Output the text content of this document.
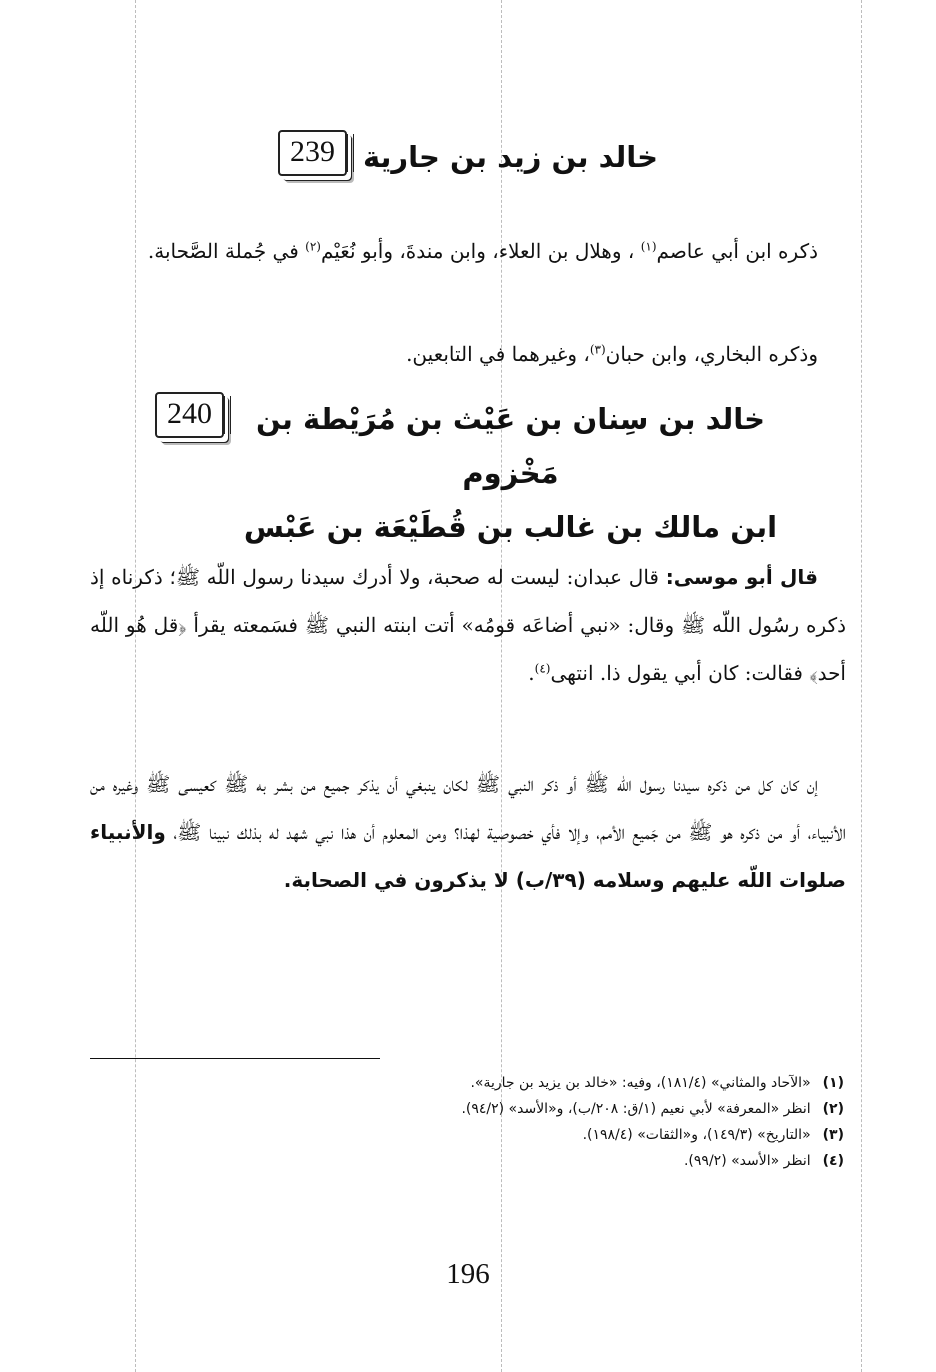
خالد بن زيد بن جارية
239
ذكره ابن أبي عاصم$^{(١)}$ ، وهلال بن العلاء، وابن مندةَ، وأبو نُعَيْم$^{(٢)}$ في جُملة الصَّحابة.
وذكره البخاري، وابن حبان$^{(٣)}$، وغيرهما في التابعين.
خالد بن سِنان بن عَيْث بن مُرَيْطة بن مَخْزوم
ابن مالك بن غالب بن قُطَيْعَة بن عَبْس
240
قال أبو موسى: قال عبدان: ليست له صحبة، ولا أدرك سيدنا رسول اللّه ﷺ؛ ذكرناه إذ ذكره رسُول اللّه ﷺ وقال: «نبي أضاعَه قومُه» أتت ابنته النبي ﷺ فسَمعته يقرأ ﴿قل هُو اللّه أحد﴾ فقالت: كان أبي يقول ذا. انتهى$^{(٤)}$.
إن كان كل من ذكره سيدنا رسول اللّه ﷺ أو ذكر النبي ﷺ لكان ينبغي أن يذكر جميع من بشر به ﷺ كعيسى ﷺ وغيره من الأنبياء، أو من ذكره هو ﷺ من جَميع الأمم، وإلا فأي خصوصية لهذا؟ ومن المعلوم أن هذا نبي شهد له بذلك نبينا ﷺ، والأنبياء صلوات اللّه عليهم وسلامه (٣٩/ب) لا يذكرون في الصحابة.
(١)«الآحاد والمثاني» (١٨١/٤)، وفيه: «خالد بن يزيد بن جارية».
(٢)انظر «المعرفة» لأبي نعيم (١/ق: ٢٠٨/ب)، و«الأسد» (٩٤/٢).
(٣)«التاريخ» (١٤٩/٣)، و«الثقات» (١٩٨/٤).
(٤)انظر «الأسد» (٩٩/٢).
196
